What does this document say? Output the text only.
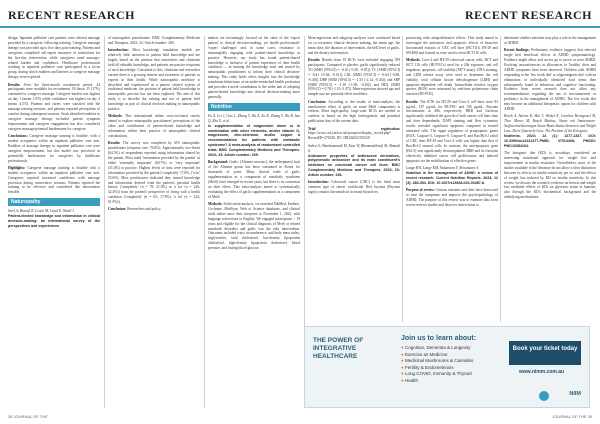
RECENT RESEARCH	RECENT RESEARCH

design. Inpatient palliative care patients were offered massage provided by a caregiver, following training. Caregiver massage therapy was provided up to five days post-training. Patients and caregivers completed self-report measures of satisfaction for the five-day intervention, while caregivers rated massage-related burden and confidence. Healthcare professionals working in inpatient palliative care participated in a focus group, during which enablers and barriers to caregiver massage therapy were explored.

Results: Over the three-month recruitment period, 44 participants were available for recruitment. Of those, 15 (17%) consented to caregiver massage. Caregiver burden was highest on day 1 (mean 1.9/5) while confidence was highest on day 4 (mean 4.5/5). Patients and carers were satisfied with the massage training sessions, and patients reported perceptions of comfort during subsequent sessions. Sixth identified enablers to caregiver massage therapy included patient symptom improvement and caregiver engagement but also considered caregiver massage potential burdensome for caregiver.

Conclusions: Caregiver massage training is feasible, with a modest acceptance within an inpatient palliative care unit. Enablers of massage therapy in inpatient palliative care were caregiver empowerment, but this model was perceived as potentially burdensome for caregivers by healthcare professionals.

Highlights: Caregiver massage training is feasible with a modest acceptance within an inpatient palliative care unit. Caregivers reported increased confidence with massage provision during consecutive sessions. Patients reported the training to be effective and considered this intervention feasible.

Naturopathy
Steel A, Bransfi E, Leach M, Lloyd E, Wardl J.
Patient-elected knowledge and information in clinical decision-making: an international survey of the perspectives and experiences

of naturopathic practitioners. BMC Complementary Medicine and Therapies. 2023; 23: Article number: 269.

Introduction: Most knowledge translation models are relatively little attention to patient held knowledge and are largely based on the premise that researchers and clinicians hold all valuable knowledge, and patients are passive recipients of such knowledge. Consistent to this, clinicians and researcher current there is a growing interest and awareness of patients as experts in their health. While naturopathic medicine is described and experienced as a patient centred system of traditional medicine, the position of patient held knowledge in naturopathic practice has not been explored. The aim of this study is to describe the valuing and use of patient held knowledge as part of clinical decision making in naturopathic practice.

Methods: This international online cross-sectional survey aimed to explore naturopathic practitioners' perceptions of the value and contribution of patient-shared knowledge and information within their practice of naturopathic clinical consultations.

Results: The survey was completed by 693 naturopathic practitioners (response rate: 76.8%). Approximately two-thirds (64.5%) of respondents reported using information shared by the patient. Most rated 'information provided by the patient' as either 'extremely important' (60.7%) or 'very important' (31.4%) to practice. Highest levels of trust were reported for information provided by the patient ('completely' 17.8%, ('a lot' 55.6%). Most practitioners indicated they trusted knowledge and information derived from the patient's personal health history ('completely' (n = 79; 21.0%) or 'a lot' (n = 226; 42.4%)) from the patient's perspective of living with a health condition ('completely' (n = 65; 17.8%), 'a lot' (n = 224; 61.9%)).

Conclusion: Researchers and policy

makers are increasingly focused on the value of the 'expert patient' in clinical decision-making, yet health professionals' 'expert challenges' and, in some cases, resistance to meaningfully engaging with patient-shared knowledge in practice. However, our study has found patient-shared knowledge is inclusive of patient experience of their health condition — in running the knowledge used and trusted by naturopathic practitioners to inform their clinical decision-making. This study holds offers insights into the knowledge translation behaviours of an under-researched health profession and provides a novel contribution to the wider aim of adopting patient-shared knowledge into clinical decision-making more generally.

Nutrition
Fu Z, Lei J, Gao L, Zhang Y, Shi Z, Xu K, Zhang Y, Wu B, Sun Q, Zhu X, et al.
Is supplementation of magnesium alone or in combination with other elements, and/or vitamin D, magnesium, zinc-selenium, and/or copper a recommendation for patients with metabolic syndrome? A meta-analysis of randomized controlled trials. BMC Complementary Medicine and Therapies. 2023; 23: Article number: 269.

Background: Goals: [Aliment nervous], the underpinned fruit of the Aliment genus has been consumed in Korea for thousands of years. Many clinical trials of garlic supplementation as a component of metabolic syndrome (MetS) have emerged in recent years, but there is no consensus on their effect. This meta-analysis aimed to systematically evaluating the effect of garlic supplementation as a component of MetS.

Methods: In this meta-analysis, we searched PubMed, Embase, Cochrane, MedSym, Web of Science databases, and clinical trials online since their inception to November 1, 2022, with language restrictions to English. We engaged participants > 18 years and eligible for the clinical diagnosis of MetS or related metabolic disorders and garlic was the only intervention. Outcomes included waist circumference, and body mass index, triglycerides, total cholesterol, low-density lipoprotein cholesterol, high-density lipoprotein cholesterol, blood pressure, and fasting blood glucose.

Meta-regression and subgroup analyses were conducted based on co-covariates clinical decision making, the mean age, the mean dose, the duration of intervention, the bell level of garlic, and the dietary intervention.

Results: Results from 19 RCTs were included engaging 599 participants. Compared to placebo, garlic significantly reduced TG [SMD (95%CI) = -0.16 (-0.28, -0.05)]; TC [SMD (95%CI) = -0.41 (-0.64, -0.01)], LDL [SMD (95%CI) = -0.64 (-0.88, -0.40)], DBP [SMD (95%CI) = -1.55 (-2.14, -0.43)]; and SBP [SMD (95%CI) = -1.18 (-1.96, -0.20)]; and HDL [SMD (95%CI) = 0.78 (-1.19, 0.47)]. Meta-regression showed age and sample size are potential effect modifiers.

Conclusion: According to the results of meta-analysis, the ameliorative effect of garlic on some MetS components is evident. More high-quality, large-scale RCTs are needed to confirm or based on the high heterogeneity and potential publication bias of the current data.

Trial registration: https://www.crd.york.ac.uk/prospero/display_record.php?RecordID=376328, ID: CRD42022376328

Sabra A, Almohammadi M, Essa W, Bhoumaskhrafi M, Ahmadi S.
Anticancer properties of anthracene derivatives, polyphenolic anticancer and its main constituent's inhibitors on colorectal cancer cell lines. BMC Complementary Medicine and Therapies. 2023; 23: Article number: 236.

Introduction: Colorectal cancer (CRC) is the third most common type of cancer worldwide. Red bryonia (Bryonia nigra) contains flavonoids in its many bioactives,

possessing wide antiproliferative effects. This study aimed to investigate the anticancer and apoptotic effects of bioactive fractionated extracts of CRC cell lines (HCT116, HT-29 and SW480) and formed as were used to treat HCT116 cells.

Methods: Caco-2 and HT-29 colorectal cancer cells, HCT and HCT 116 cells (HUVECs) used for a 24h exposure, and cell migration, apoptosis, cell viability (MTT assay), DNA staining, and LDH release assay were used to determine the cell viability, total cellular lactate dehydrogenase (LDH) and apoptosis-dependent cell death. Intracellular reactive oxygen species (ROS) were measured by real-time polymerase chain reaction (RT-PCR).

Results: The IC50 for HT-29 and Caco-2 cell lines were 93 µg/mL, 187 µg/mL for HUVEC and 136 µg/mL. Bryonia fractionation at 48h, respectively. BRB and fractions significantly inhibited the growth of both cancer cell lines time and dose dependently. DAPI staining and flow cytometry results revealed significant apoptosis compared to treated untreated cells. The upper regulation of proapoptotic genes (BAX, Caspase-3, Caspase-9, Caspase-8, and Bax/Bcl-2 ratio) of CRC lines HT-29 and Caco-2 cells was higher than that of Bax/Bcl-2 normal cells. In contrast, the anti-apoptosis gene (Bcl-2) was significantly downregulated. BRB and its fractions effectively inhibited cancer cell proliferation and induced apoptosis via the mobilization of effective genes.

Lange KW, Lange KM, Nakamura Y, Reissmann A.
Nutrition in the management of ADHD: a review of recent research. Current Nutrition Reports. 2023; 12 (3): 383-394. DOI: 10.1007/s13668-023-00487-8.

Purpose of review: Various nutrients and diets have been used to treat the symptoms and improve the psychopathology of ADHD. The purpose of this review was to examine data from recent reviews studies and discover intervention to

determine whether nutrition may play a role in the management of ADHD.

Recent findings: Preliminary evidence suggests that selected single kew beneficial effects in ADHD symptomatology. Evidence might allow and access go to prove or treat ADHD. Evolving inconsistencies in allowances in 'healthy' diets and ADHD symptoms have been observed. Children with ADHD responding to the 'few foods diet' or oligoantigenic diet' with an elimination of individually identified food items then subsequently found in behaviour and cognitive functioning. Evidence from recent research does not allow any recommendations regarding the use of micronutrients or probiotics in the management of ADHD. The few foods diet may become an additional therapeutic option for children with ADHD.

Roeck A, Ahrens K, Mai T, Winkel E, Caroline Henrgessel M, Theo Marco M, Busyh Mattias, Sieme mit Aminosaure-Stoffwechselstorungen Saure-Basis-Status-Sensoren und Weight Loss. Hierr Quarterly Loss: The Position of the Ketogenic
Nutrients. 2023; 14 (1): 1377-1337. DOI: 10.3390/nu14141377-PMID: 37513408; PMCID: PMC10384104.

The ketogenic diet (KD) is, nowadays, considered an interesting nutritional approach for weight loss and improvement in insulin resistance. Nevertheless, most of the studies available in the literature do not allow a clear distinction between its effects on insulin sensitivity per se, and the effects of weight loss induced by KD on insulin sensitivity. In this review, we discuss the scientific evidence on ketosis and weight loss mediated effects of KDs on glycemic status in humans, also through the KD's biochemical background and the underlying mechanisms.

THE POWER OF INTEGRATIVE HEALTHCARE
Join us to learn about:
● Cognition, Dementia & Longevity
● Exercise as Medicine
● Medicinal Mushrooms & Cannabis
● Fertility & Endometriosis
● Long COVID, Immunity & Thyroid
● Health
Book your ticket today
www.nimm.com.au
NIIM
38 JOURNAL OF THE	JOURNAL OF THE 39
